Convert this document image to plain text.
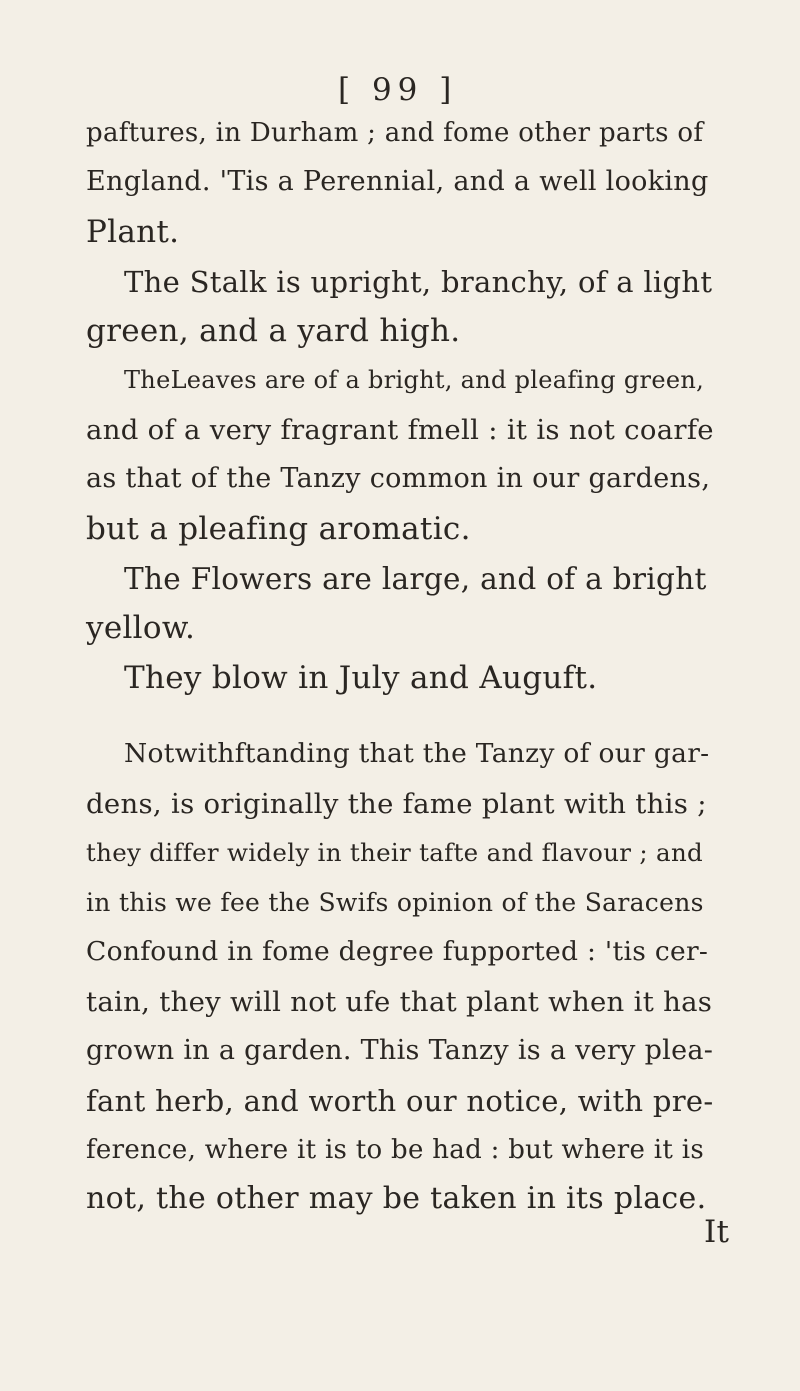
[ 99 ]
paftures, in Durham ; and fome other parts of
England. 'Tis a Perennial, and a well looking
Plant.
The Stalk is upright, branchy, of a light
green, and a yard high.
TheLeaves are of a bright, and pleafing green,
and of a very fragrant fmell : it is not coarfe
as that of the Tanzy common in our gardens,
but a pleafing aromatic.
The Flowers are large, and of a bright
yellow.
They blow in July and Auguft.
Notwithftanding that the Tanzy of our gar-
dens, is originally the fame plant with this ;
they differ widely in their tafte and flavour ; and
in this we fee the Swifs opinion of the Saracens
Confound in fome degree fupported : 'tis cer-
tain, they will not ufe that plant when it has
grown in a garden. This Tanzy is a very plea-
fant herb, and worth our notice, with pre-
ference, where it is to be had : but where it is
not, the other may be taken in its place.
It
